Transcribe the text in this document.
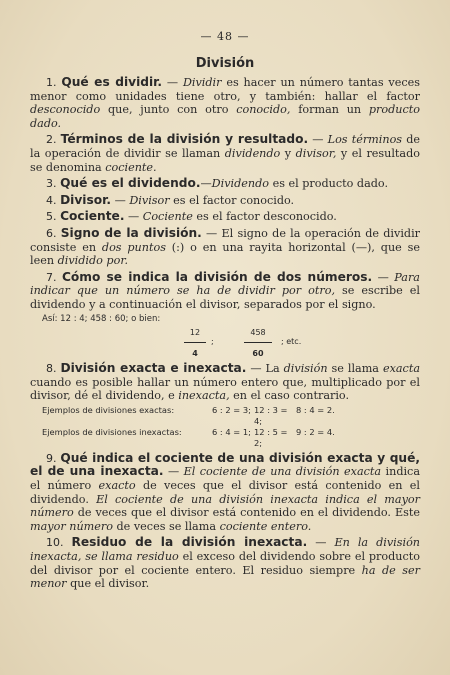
— 48 —
División

1. Qué es dividir. — Dividir es hacer un número tantas veces menor como unidades tiene otro, y también: hallar el factor desconocido que, junto con otro conocido, forman un producto dado.

2. Términos de la división y resultado. — Los términos de la operación de dividir se llaman dividendo y divisor, y el resultado se denomina cociente.

3. Qué es el dividendo.—Dividendo es el producto dado.

4. Divisor. — Divisor es el factor conocido.

5. Cociente. — Cociente es el factor desconocido.

6. Signo de la división. — El signo de la operación de dividir consiste en dos puntos (:) o en una rayita horizontal (—), que se leen dividido por.

7. Cómo se indica la división de dos números. — Para indicar que un número se ha de dividir por otro, se escribe el dividendo y a continuación el divisor, separados por el signo.

Así: 12 : 4; 458 : 60; o bien:
$\frac{12}{4}$ ;	$\frac{458}{60}$ ; etc.

8. División exacta e inexacta. — La división se llama exacta cuando es posible hallar un número entero que, multiplicado por el divisor, dé el dividendo, e inexacta, en el caso contrario.

Ejemplos de divisiones exactas:	6 : 2 = 3; 12 : 3 = 4;
8 : 4 = 2.
Ejemplos de divisiones inexactas:	6 : 4 = 1; 12 : 5 = 2;
9 : 2 = 4.

9. Qué indica el cociente de una división exacta y qué, el de una inexacta. — El cociente de una división exacta indica el número exacto de veces que el divisor está contenido en el dividendo. El cociente de una división inexacta indica el mayor número de veces que el divisor está contenido en el dividendo. Este mayor número de veces se llama cociente entero.

10. Residuo de la división inexacta. — En la división inexacta, se llama residuo el exceso del dividendo sobre el producto del divisor por el cociente entero. El residuo siempre ha de ser menor que el divisor.
